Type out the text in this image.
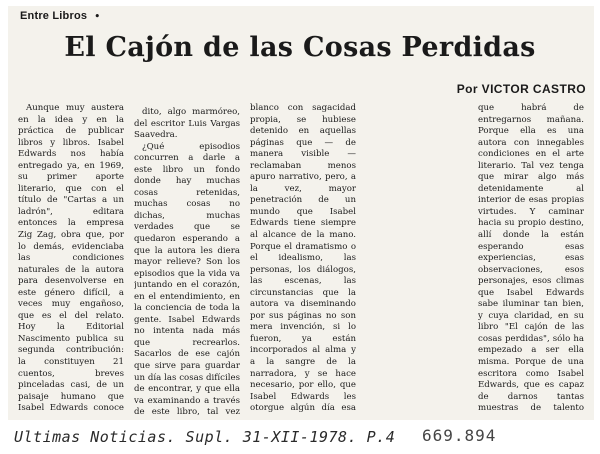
Entre Libros •
El Cajón de las Cosas Perdidas
Por VICTOR CASTRO

Aunque muy austera en la idea y en la práctica de publicar libros y libros. Isabel Edwards nos había entregado ya, en 1969, su primer aporte literario, que con el título de "Cartas a un ladrón", editara entonces la empresa Zig Zag, obra que, por lo demás, evidenciaba las condiciones naturales de la autora para desenvolverse en este género difícil, a veces muy engañoso, que es el del relato. Hoy la Editorial Nascimento publica su segunda contribución: la constituyen 21 cuentos, breves pinceladas casi, de un paisaje humano que Isabel Edwards conoce

dito, algo marmóreo, del escritor Luis Vargas Saavedra.

¿Qué episodios concurren a darle a este libro un fondo donde hay muchas cosas retenidas, muchas cosas no dichas, muchas verdades que se quedaron esperando a que la autora les diera mayor relieve? Son los episodios que la vida va juntando en el corazón, en el entendimiento, en la conciencia de toda la gente. Isabel Edwards no intenta nada más que recrearlos. Sacarlos de ese cajón que sirve para guardar un día las cosas difíciles de encontrar, y que ella va examinando a través de este libro, tal vez

blanco con sagacidad propia, se hubiese detenido en aquellas páginas que — de manera visible — reclamaban menos apuro narrativo, pero, a la vez, mayor penetración de un mundo que Isabel Edwards tiene siempre al alcance de la mano. Porque el dramatismo o el idealismo, las personas, los diálogos, las escenas, las circunstancias que la autora va diseminando por sus páginas no son mera invención, si lo fueron, ya están incorporados al alma y a la sangre de la narradora, y se hace necesario, por ello, que Isabel Edwards les otorgue algún día esa

que habrá de entregarnos mañana. Porque ella es una autora con innegables condiciones en el arte literario. Tal vez tenga que mirar algo más detenidamente al interior de esas propias virtudes. Y caminar hacia su propio destino, allí donde la están esperando esas experiencias, esas observaciones, esos personajes, esos climas que Isabel Edwards sabe iluminar tan bien, y cuya claridad, en su libro "El cajón de las cosas perdidas", sólo ha empezado a ser ella misma. Porque de una escritora como Isabel Edwards, que es capaz de darnos tantas muestras de talento

Ultimas Noticias. Supl. 31-XII-1978. P.4 669.894
